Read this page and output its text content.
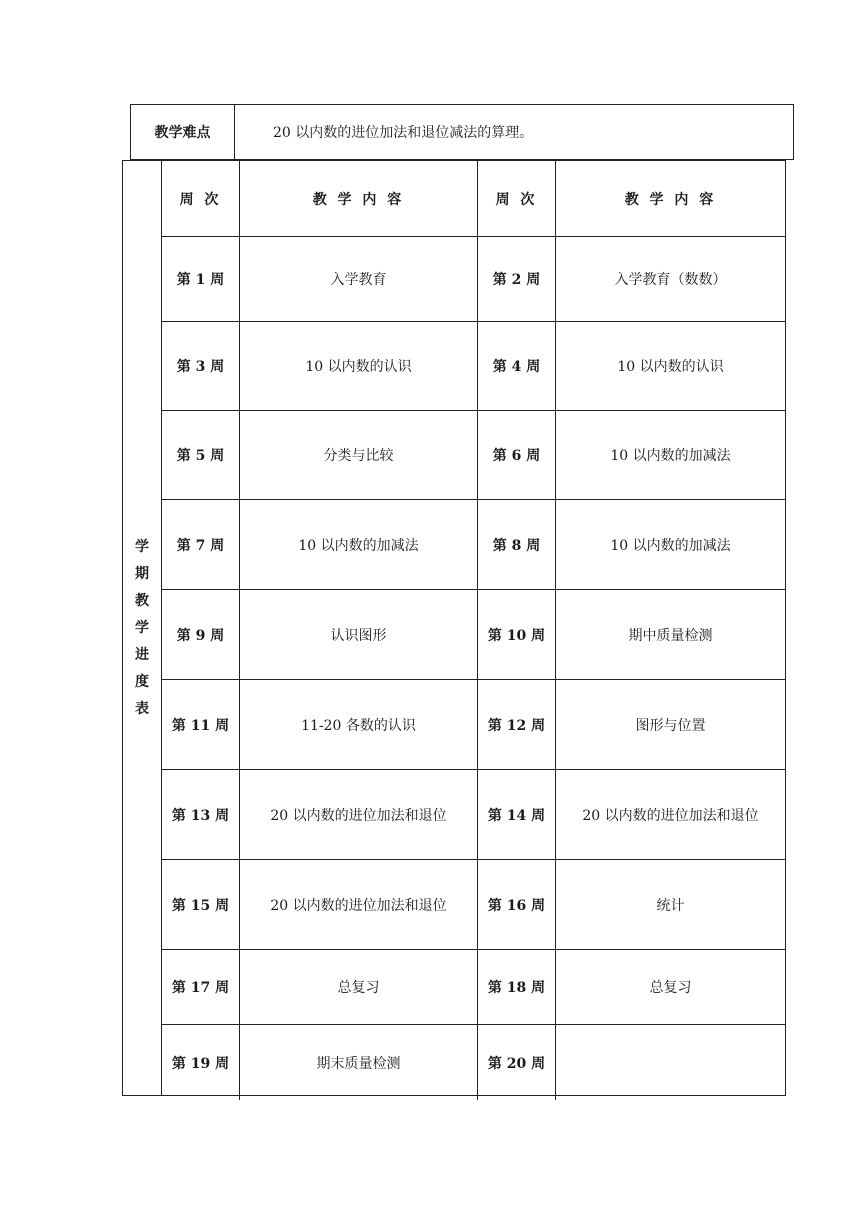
教学难点	20 以内数的进位加法和退位减法的算理。
学
期
教
学
进
度
表
周 次	教 学 内 容	周 次	教 学 内 容
第 1 周	入学教育	第 2 周	入学教育（数数）
第 3 周	10 以内数的认识	第 4 周	10 以内数的认识
第 5 周	分类与比较	第 6 周	10 以内数的加减法
第 7 周	10 以内数的加减法	第 8 周	10 以内数的加减法
第 9 周	认识图形	第 10 周	期中质量检测
第 11 周	11-20 各数的认识	第 12 周	图形与位置
第 13 周	20 以内数的进位加法和退位	第 14 周	20 以内数的进位加法和退位
第 15 周	20 以内数的进位加法和退位	第 16 周	统计
第 17 周	总复习	第 18 周	总复习
第 19 周	期末质量检测	第 20 周
